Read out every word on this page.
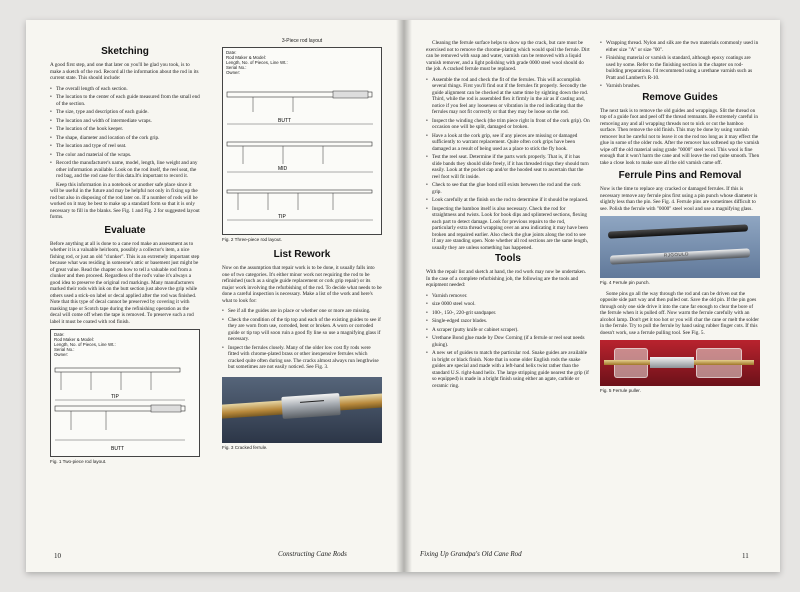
Sketching

A good first step, and one that later on you'll be glad you took, is to make a sketch of the rod. Record all the information about the rod in its current state. This should include:

• The overall length of each section.
• The location to the center of each guide measured from the small end of the section.
• The size, type and description of each guide.
• The location and width of intermediate wraps.
• The location of the hook keeper.
• The shape, diameter and location of the cork grip.
• The location and type of reel seat.
• The color and material of the wraps.
• Record the manufacturer's name, model, length, line weight and any other information available. Look on the rod itself, the reel seat, the rod bag, and the rod case for this data.It's important to record it.

Keep this information in a notebook or another safe place since it will be useful in the future and may be helpful not only in fixing up the rod but also in disposing of the rod later on. If a number of rods will be worked on it may be best to make up a standard form so that it is only necessary to fill in the blanks. See Fig. 1 and Fig. 2 for suggested layout forms.

Evaluate

Before anything at all is done to a cane rod make an assessment as to whether it is a valuable heirloom, possibly a collector's item, a nice fishing rod, or just an old "clunker". This is an extremely important step because what was residing in someone's attic or basement just might be of great value. Read the chapter on how to tell a valuable rod from a clunker and then proceed. Regardless of the rod's value it's always a good idea to preserve the original rod markings. Many manufacturers marked their rods with ink on the butt section just above the grip while others used a stick-on label or decal applied after the rod was finished. Note that this type of decal cannot be preserved by covering it with masking tape or Scotch tape during the refinishing operation as the decal will come off when the tape is removed. To preserve such a rod label it must be coated with rod finish.

Date:
Rod Maker & Model:
Length, No. of Pieces, Line Wt.:
Serial No.:
Owner:
TIP
BUTT
Fig. 1 Two-piece rod layout.
3-Piece rod layout
Date:
Rod Maker & Model:
Length, No. of Pieces, Line Wt.:
Serial No.:
Owner:
BUTT
MID
TIP
Fig. 2 Three-piece rod layout.
List Rework

Now on the assumption that repair work is to be done, it usually falls into one of two categories. It's either minor work not requiring the rod to be refinished (such as a single guide replacement or cork grip repair) or its major work involving the refurbishing of the rod. To decide what needs to be done a careful inspection is necessary. Make a list of the work and here's what to look for:

• See if all the guides are in place or whether one or more are missing.
• Check the condition of the tip top and each of the existing guides to see if they are worn from use, corroded, bent or broken. A worn or corroded guide or tip top will soon ruin a good fly line so use a magnifying glass if necessary.
• Inspect the ferrules closely. Many of the older low cost fly rods were fitted with chrome-plated brass or other inexpensive ferrules which cracked quite often during use. The cracks almost always run lengthwise but sometimes are not easily noticed. See Fig. 3.
Fig. 3 Cracked ferrule.
10	Constructing Cane Rods

Cleaning the ferrule surface helps to show up the crack, but care must be exercised not to remove the chrome-plating which would spoil the ferrule. Dirt can be removed with soap and water, varnish can be removed with a liquid varnish remover, and a light polishing with grade 0000 steel wool should do the job. A cracked ferrule must be replaced.

• Assemble the rod and check the fit of the ferrules. This will accomplish several things. First you'll find out if the ferrules fit properly. Secondly the guide alignment can be checked at the same time by sighting down the rod. Third, while the rod is assembled flex it firmly in the air as if casting and, notice if you feel any looseness or vibration in the rod indicating that the ferrules may not fit correctly or that they may be loose on the rod.
• Inspect the winding check (the trim piece right in front of the cork grip). On occasion one will be split, damaged or broken.
• Have a look at the cork grip, see if any pieces are missing or damaged sufficiently to warrant replacement. Quite often cork grips have been damaged as a result of being used as a place to stick the fly hook.
• Test the reel seat. Determine if the parts work properly. That is, if it has slide bands they should slide freely, if it has threaded rings they should turn easily. Look at the pocket cap and/or the hooded seat to ascertain that the reel foot will fit inside.
• Check to see that the glue bond still exists between the rod and the cork grip.
• Look carefully at the finish on the rod to determine if it should be replaced.
• Inspecting the bamboo itself is also necessary. Check the rod for straightness and twists. Look for book dips and splintered sections, flexing each part to detect damage. Look for previous repairs to the rod, particularly extra thread wrapping over an area indicating it may have been broken and repaired earlier. Also check the glue joints along the rod to see if any are standing open. Note whether all rod sections are the same length, usually they are unless something has happened.
Tools

With the repair list and sketch at hand, the rod work may now be undertaken. In the case of a complete refurbishing job, the following are the tools and equipment needed:

• Varnish remover.
• size 0000 steel wool.
• 100-, 150-, 220-grit sandpaper.
• Single-edged razor blades.
• A scraper (putty knife or cabinet scraper).
• Urethane Bond glue made by Dow Corning (if a ferrule or reel seat needs gluing).
• A new set of guides to match the particular rod. Snake guides are available in bright or black finish. Note that in some older English rods the snake guides are special and made with a left-hand helix twist rather than the standard U.S. right-hand helix. The large stripping guide nearest the grip (if so equipped) is made in a bright finish using either an agate, carbide or ceramic ring.
• Wrapping thread. Nylon and silk are the two materials commonly used in either size "A" or size "00".
• Finishing material or varnish is standard, although epoxy coatings are used by some. Refer to the finishing section in the chapter on rod-building preparations. I'd recommend using a urethane varnish such as Pratt and Lambert's R-10.
• Varnish brushes.
Remove Guides

The next task is to remove the old guides and wrappings. Slit the thread on top of a guide foot and peel off the thread remnants. Be extremely careful in removing any and all wrapping threads not to nick or cut the bamboo surface. Then remove the old finish. This may be done by using varnish remover but be careful not to leave it on the rod too long as it may effect the glue in some of the older rods. After the remover has softened up the varnish wipe off the old material using grade "0000" steel wool. This wool is fine enough that it won't harm the cane and will leave the rod quite smooth. Then take a close look to make sure all the old varnish came off.

Ferrule Pins and Removal

Now is the time to replace any cracked or damaged ferrules. If this is necessary remove any ferrule pins first using a pin punch whose diameter is slightly less than the pin. See Fig. 4. Ferrule pins are sometimes difficult to see. Polish the ferrule with "0000" steel wool and use a magnifying glass.

RJGOULD
Fig. 4 Ferrule pin punch.

Some pins go all the way through the rod and can be driven out the opposite side part way and then pulled out. Save the old pin. If the pin goes through only one side drive it into the cane far enough to clear the bore of the ferrule when it is pulled off. Now warm the ferrule carefully with an alcohol lamp. Don't get it too hot or you will char the cane or melt the solder in the ferrule. Try to pull the ferrule by hand using rubber finger cots. If this doesn't work, use a ferrule pulling tool. See Fig. 5.

Fig. 5 Ferrule puller.
Fixing Up Grandpa's Old Cane Rod	11
